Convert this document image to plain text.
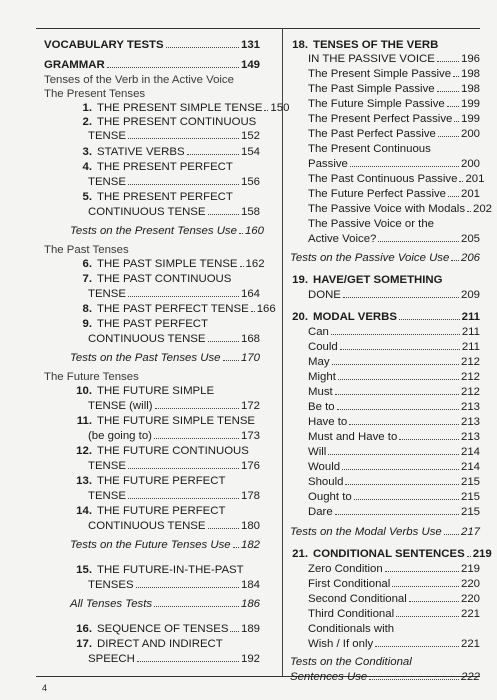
VOCABULARY TESTS	131
GRAMMAR	149
Tenses of the Verb in the Active Voice
The Present Tenses
1. THE PRESENT SIMPLE TENSE 150
2. THE PRESENT CONTINUOUS
TENSE	152
3. STATIVE VERBS	154
4. THE PRESENT PERFECT
TENSE	156
5. THE PRESENT PERFECT
CONTINUOUS TENSE	158
Tests on the Present Tenses Use 160
The Past Tenses
6. THE PAST SIMPLE TENSE 162
7. THE PAST CONTINUOUS
TENSE	164
8. THE PAST PERFECT TENSE 166
9. THE PAST PERFECT
CONTINUOUS TENSE	168
Tests on the Past Tenses Use 170
The Future Tenses
10. THE FUTURE SIMPLE
TENSE (will)	172
11. THE FUTURE SIMPLE TENSE
(be going to)	173
12. THE FUTURE CONTINUOUS
TENSE	176
13. THE FUTURE PERFECT
TENSE	178
14. THE FUTURE PERFECT
CONTINUOUS TENSE	180
Tests on the Future Tenses Use 182
15. THE FUTURE-IN-THE-PAST
TENSES	184
All Tenses Tests	186
16. SEQUENCE OF TENSES 189
17. DIRECT AND INDIRECT
SPEECH	192
18. TENSES OF THE VERB
IN THE PASSIVE VOICE 196
The Present Simple Passive 198
The Past Simple Passive 198
The Future Simple Passive 199
The Present Perfect Passive 199
The Past Perfect Passive 200
The Present Continuous
Passive	200
The Past Continuous Passive 201
The Future Perfect Passive 201
The Passive Voice with Modals 202
The Passive Voice or the
Active Voice?	205
Tests on the Passive Voice Use 206
19. HAVE/GET SOMETHING
DONE	209
20. MODAL VERBS	211
Can	211
Could	211
May	212
Might	212
Must	212
Be to	213
Have to	213
Must and Have to	213
Will	214
Would	214
Should	215
Ought to	215
Dare	215
Tests on the Modal Verbs Use 217
21. CONDITIONAL SENTENCES 219
Zero Condition	219
First Conditional	220
Second Conditional	220
Third Conditional	221
Conditionals with
Wish / If only	221
Tests on the Conditional
Sentences Use	222
4
